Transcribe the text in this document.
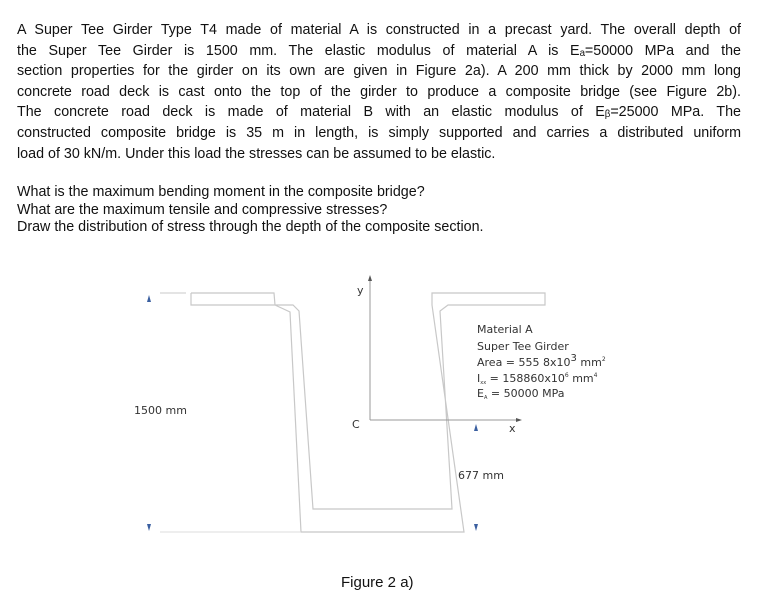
A Super Tee Girder Type T4 made of material A is constructed in a precast yard. The overall depth of
the Super Tee Girder is 1500 mm. The elastic modulus of material A is Eₐ=50000 MPa and the
section properties for the girder on its own are given in Figure 2a). A 200 mm thick by 2000 mm long
concrete road deck is cast onto the top of the girder to produce a composite bridge (see Figure 2b).
The concrete road deck is made of material B with an elastic modulus of Eᵦ=25000 MPa. The
constructed composite bridge is 35 m in length, is simply supported and carries a distributed uniform
load of 30 kN/m. Under this load the stresses can be assumed to be elastic.
What is the maximum bending moment in the composite bridge?
What are the maximum tensile and compressive stresses?
Draw the distribution of stress through the depth of the composite section.
1500 mm
y
x
C
677 mm
Material A
Super Tee Girder
Area = 555 8x103 $mm^2$
Ixx = $158860x10^6$ $mm^4$
EA = 50000 MPa
Figure 2 a)
